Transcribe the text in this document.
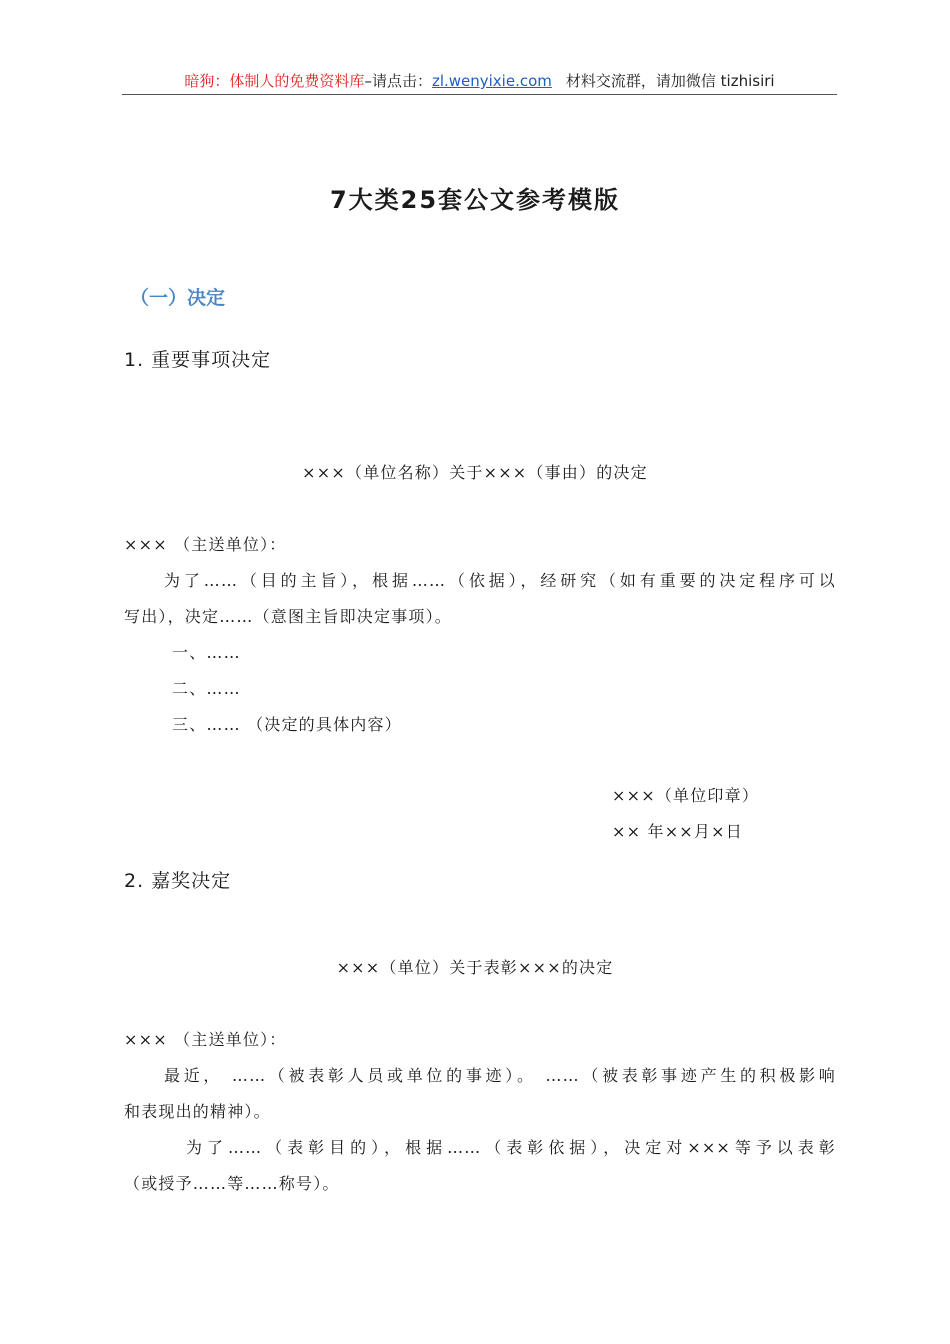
暗狗：体制人的免费资料库–请点击：zl.wenyixie.com 材料交流群，请加微信 tizhisiri
7大类25套公文参考模版
（一）决定
1. 重要事项决定
×××（单位名称）关于×××（事由）的决定
××× （主送单位）：
为了……（目的主旨），根据……（依据），经研究（如有重要的决定程序可以
写出），决定……（意图主旨即决定事项）。
一、……
二、……
三、…… （决定的具体内容）
×××（单位印章）
×× 年××月×日
2. 嘉奖决定
×××（单位）关于表彰×××的决定
××× （主送单位）：
最近， ……（被表彰人员或单位的事迹）。 ……（被表彰事迹产生的积极影响
和表现出的精神）。
为了……（表彰目的），根据……（表彰依据），决定对×××等予以表彰
（或授予……等……称号）。
